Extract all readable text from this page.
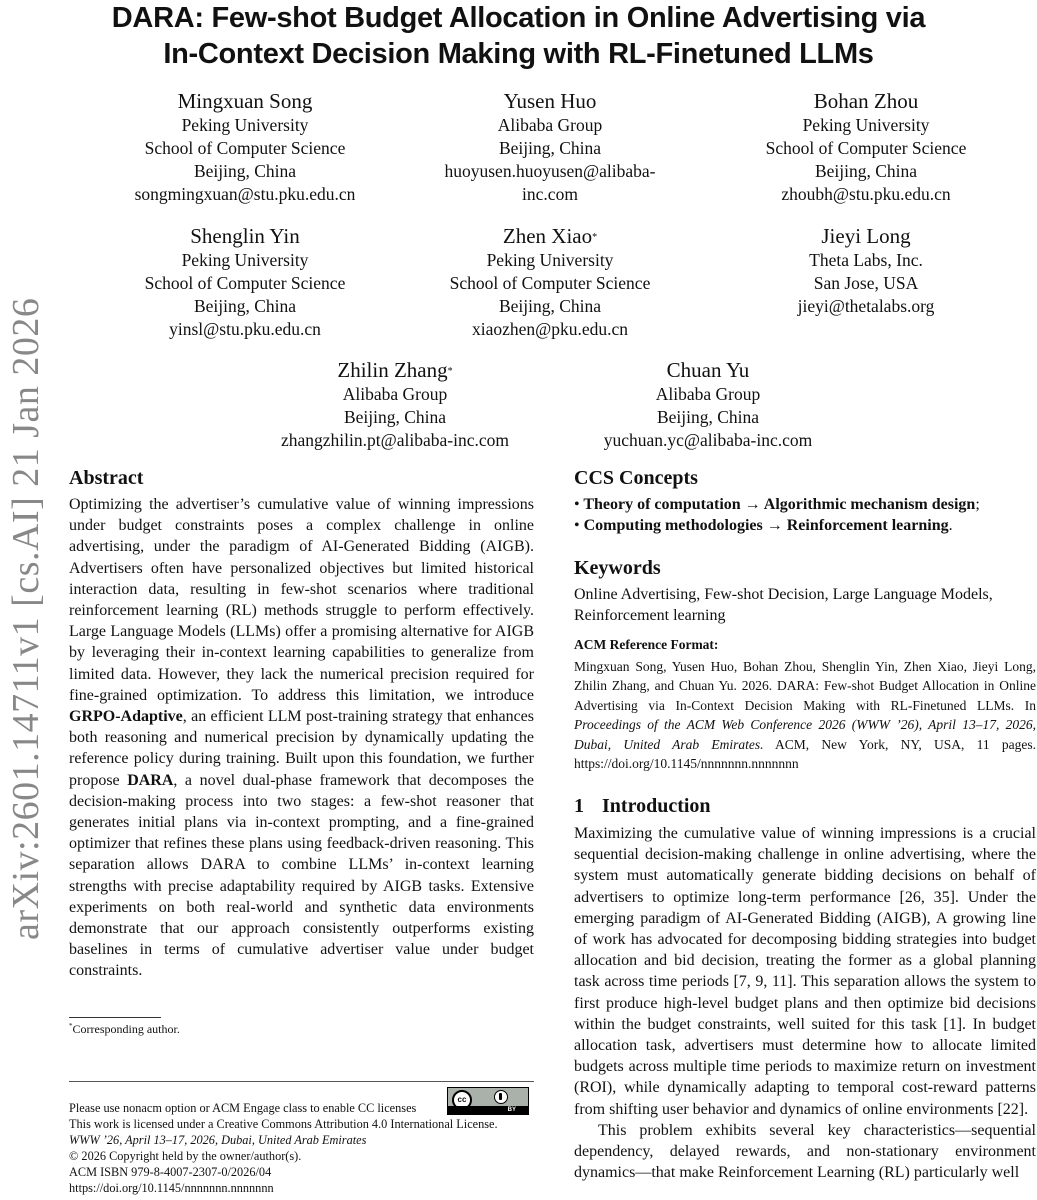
DARA: Few-shot Budget Allocation in Online Advertising via
In-Context Decision Making with RL-Finetuned LLMs
arXiv:2601.14711v1 [cs.AI] 21 Jan 2026
Mingxuan Song
Peking University
School of Computer Science
Beijing, China
songmingxuan@stu.pku.edu.cn
Yusen Huo
Alibaba Group
Beijing, China
huoyusen.huoyusen@alibaba-
inc.com
Bohan Zhou
Peking University
School of Computer Science
Beijing, China
zhoubh@stu.pku.edu.cn
Shenglin Yin
Peking University
School of Computer Science
Beijing, China
yinsl@stu.pku.edu.cn
Zhen Xiao*
Peking University
School of Computer Science
Beijing, China
xiaozhen@pku.edu.cn
Jieyi Long
Theta Labs, Inc.
San Jose, USA
jieyi@thetalabs.org
Zhilin Zhang*
Alibaba Group
Beijing, China
zhangzhilin.pt@alibaba-inc.com
Chuan Yu
Alibaba Group
Beijing, China
yuchuan.yc@alibaba-inc.com
Abstract
Optimizing the advertiser’s cumulative value of winning impressions under budget constraints poses a complex challenge in online advertising, under the paradigm of AI-Generated Bidding (AIGB). Advertisers often have personalized objectives but limited historical interaction data, resulting in few-shot scenarios where traditional reinforcement learning (RL) methods struggle to perform effectively. Large Language Models (LLMs) offer a promising alternative for AIGB by leveraging their in-context learning capabilities to generalize from limited data. However, they lack the numerical precision required for fine-grained optimization. To address this limitation, we introduce GRPO-Adaptive, an efficient LLM post-training strategy that enhances both reasoning and numerical precision by dynamically updating the reference policy during training. Built upon this foundation, we further propose DARA, a novel dual-phase framework that decomposes the decision-making process into two stages: a few-shot reasoner that generates initial plans via in-context prompting, and a fine-grained optimizer that refines these plans using feedback-driven reasoning. This separation allows DARA to combine LLMs’ in-context learning strengths with precise adaptability required by AIGB tasks. Extensive experiments on both real-world and synthetic data environments demonstrate that our approach consistently outperforms existing baselines in terms of cumulative advertiser value under budget constraints.
*Corresponding author.
cc
BY
Please use nonacm option or ACM Engage class to enable CC licenses
This work is licensed under a Creative Commons Attribution 4.0 International License.
WWW ’26, April 13–17, 2026, Dubai, United Arab Emirates
© 2026 Copyright held by the owner/author(s).
ACM ISBN 979-8-4007-2307-0/2026/04
https://doi.org/10.1145/nnnnnnn.nnnnnnn
CCS Concepts
• Theory of computation → Algorithmic mechanism design;
• Computing methodologies → Reinforcement learning.
Keywords
Online Advertising, Few-shot Decision, Large Language Models, Reinforcement learning
ACM Reference Format:
Mingxuan Song, Yusen Huo, Bohan Zhou, Shenglin Yin, Zhen Xiao, Jieyi Long, Zhilin Zhang, and Chuan Yu. 2026. DARA: Few-shot Budget Allocation in Online Advertising via In-Context Decision Making with RL-Finetuned LLMs. In Proceedings of the ACM Web Conference 2026 (WWW ’26), April 13–17, 2026, Dubai, United Arab Emirates. ACM, New York, NY, USA, 11 pages. https://doi.org/10.1145/nnnnnnn.nnnnnnn
1 Introduction
Maximizing the cumulative value of winning impressions is a crucial sequential decision-making challenge in online advertising, where the system must automatically generate bidding decisions on behalf of advertisers to optimize long-term performance [26, 35]. Under the emerging paradigm of AI-Generated Bidding (AIGB), A growing line of work has advocated for decomposing bidding strategies into budget allocation and bid decision, treating the former as a global planning task across time periods [7, 9, 11]. This separation allows the system to first produce high-level budget plans and then optimize bid decisions within the budget constraints, well suited for this task [1]. In budget allocation task, advertisers must determine how to allocate limited budgets across multiple time periods to maximize return on investment (ROI), while dynamically adapting to temporal cost-reward patterns from shifting user behavior and dynamics of online environments [22].
This problem exhibits several key characteristics—sequential dependency, delayed rewards, and non-stationary environment dynamics—that make Reinforcement Learning (RL) particularly well
